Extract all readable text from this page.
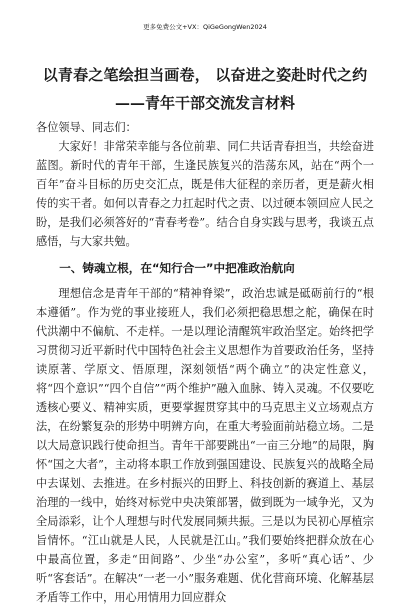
更多免费公文+VX：QiGeGongWen2024
以青春之笔绘担当画卷， 以奋进之姿赴时代之约
——青年干部交流发言材料
各位领导、同志们：

大家好！非常荣幸能与各位前辈、同仁共话青春担当，共绘奋进蓝图。新时代的青年干部，生逢民族复兴的浩荡东风，站在“两个一百年”奋斗目标的历史交汇点，既是伟大征程的亲历者，更是薪火相传的实干者。如何以青春之力扛起时代之责、以过硬本领回应人民之盼，是我们必须答好的“青春考卷”。结合自身实践与思考，我谈五点感悟，与大家共勉。

一、铸魂立根，在“知行合一”中把准政治航向

理想信念是青年干部的“精神脊梁”，政治忠诚是砥砺前行的“根本遵循”。作为党的事业接班人，我们必须把稳思想之舵，确保在时代洪潮中不偏航、不走样。一是以理论清醒筑牢政治坚定。始终把学习贯彻习近平新时代中国特色社会主义思想作为首要政治任务，坚持读原著、学原文、悟原理，深刻领悟“两个确立”的决定性意义，将“四个意识”“四个自信”“两个维护”融入血脉、铸入灵魂。不仅要吃透核心要义、精神实质，更要掌握贯穿其中的马克思主义立场观点方法，在纷繁复杂的形势中明辨方向，在重大考验面前站稳立场。二是以大局意识践行使命担当。青年干部要跳出“一亩三分地”的局限，胸怀“国之大者”，主动将本职工作放到强国建设、民族复兴的战略全局中去谋划、去推进。在乡村振兴的田野上、科技创新的赛道上、基层治理的一线中，始终对标党中央决策部署，做到既为一域争光，又为全局添彩，让个人理想与时代发展同频共振。三是以为民初心厚植宗旨情怀。“江山就是人民，人民就是江山。”我们要始终把群众放在心中最高位置，多走“田间路”、少坐“办公室”，多听“真心话”、少听“客套话”。在解决“一老一小”服务难题、优化营商环境、化解基层矛盾等工作中，用心用情用力回应群众
